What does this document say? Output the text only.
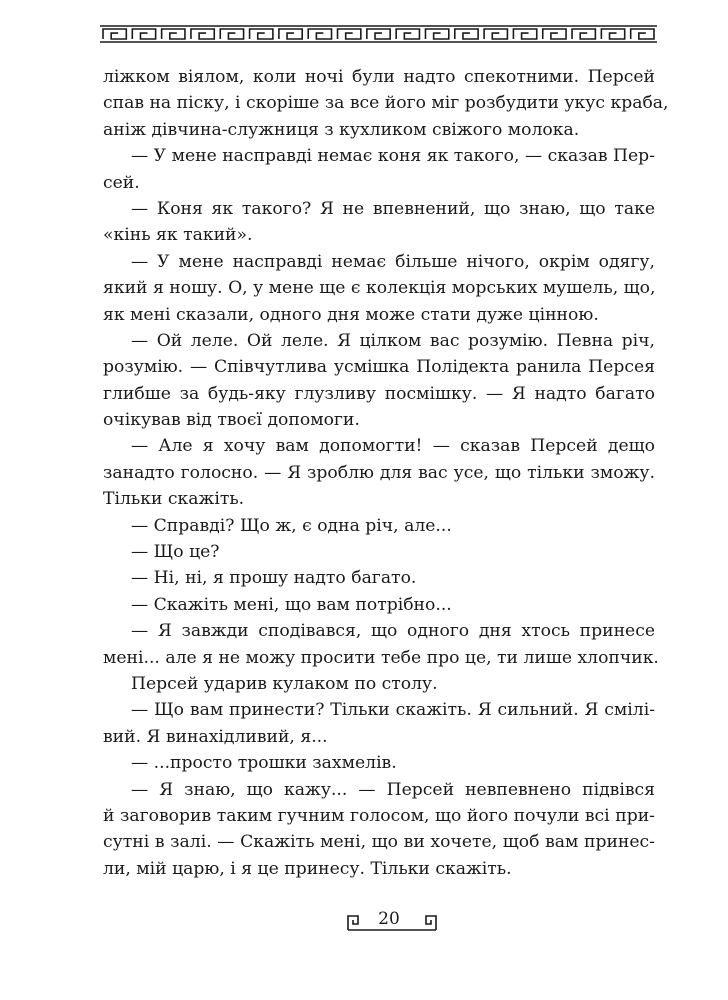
ліжком віялом, коли ночі були надто спекотними. Персей
спав на піску, і скоріше за все його міг розбудити укус краба,
аніж дівчина-служниця з кухликом свіжого молока.
— У мене насправді немає коня як такого, — сказав Пер-
сей.
— Коня як такого? Я не впевнений, що знаю, що таке
«кінь як такий».
— У мене насправді немає більше нічого, окрім одягу,
який я ношу. О, у мене ще є колекція морських мушель, що,
як мені сказали, одного дня може стати дуже цінною.
— Ой леле. Ой леле. Я цілком вас розумію. Певна річ,
розумію. — Співчутлива усмішка Полідекта ранила Персея
глибше за будь-яку глузливу посмішку. — Я надто багато
очікував від твоєї допомоги.
— Але я хочу вам допомогти! — сказав Персей дещо
занадто голосно. — Я зроблю для вас усе, що тільки зможу.
Тільки скажіть.
— Справді? Що ж, є одна річ, але...
— Що це?
— Ні, ні, я прошу надто багато.
— Скажіть мені, що вам потрібно...
— Я завжди сподівався, що одного дня хтось принесе
мені... але я не можу просити тебе про це, ти лише хлопчик.
Персей ударив кулаком по столу.
— Що вам принести? Тільки скажіть. Я сильний. Я смілі-
вий. Я винахідливий, я...
— ...просто трошки захмелів.
— Я знаю, що кажу... — Персей невпевнено підвівся
й заговорив таким гучним голосом, що його почули всі при-
сутні в залі. — Скажіть мені, що ви хочете, щоб вам принес-
ли, мій царю, і я це принесу. Тільки скажіть.
20
